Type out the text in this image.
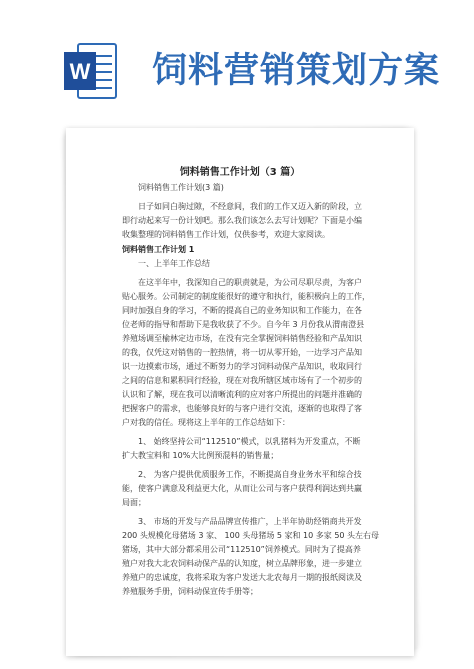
W 饲料营销策划方案
饲料销售工作计划（3 篇）
饲料销售工作计划(3 篇)
日子如同白驹过隙，不经意间，我们的工作又迈入新的阶段，立
即行动起来写一份计划吧。那么我们该怎么去写计划呢？下面是小编
收集整理的饲料销售工作计划，仅供参考，欢迎大家阅读。
饲料销售工作计划 1
一、上半年工作总结
在这半年中，我深知自己的职责就是，为公司尽职尽责，为客户
贴心服务。公司制定的制度能很好的遵守和执行，能积极向上的工作，
同时加强自身的学习，不断的提高自己的业务知识和工作能力，在各
位老师的指导和帮助下是我收获了不少。自今年 3 月份我从渭南澄县
养殖场调至榆林定边市场，在没有完全掌握饲料销售经验和产品知识
的我，仅凭这对销售的一腔热情，将一切从零开始，一边学习产品知
识一边摸索市场，通过不断努力的学习饲料动保产品知识，收取同行
之间的信息和累积同行经验，现在对我所辖区域市场有了一个初步的
认识和了解，现在我可以清晰流利的应对客户所提出的问题并准确的
把握客户的需求，也能够良好的与客户进行交流，逐渐的也取得了客
户对我的信任。现将这上半年的工作总结如下：
1、 始终坚持公司“112510”模式，以乳猪料为开发重点，不断
扩大教宝料和 10%大比例预混料的销售量；
2、 为客户提供优质服务工作，不断提高自身业务水平和综合技
能，使客户满意及利益更大化，从而让公司与客户获得利润达到共赢
局面；
3、 市场的开发与产品品牌宣传推广，上半年协助经销商共开发
200 头规模化母猪场 3 家、 100 头母猪场 5 家和 10 多家 50 头左右母
猪场，其中大部分都采用公司“112510”饲养模式。同时为了提高养
殖户对我大北农饲料动保产品的认知度，树立品牌形象，进一步建立
养殖户的忠诚度，我将采取为客户发送大北农每月一期的报纸阅读及
养殖服务手册，饲料动保宣传手册等；
